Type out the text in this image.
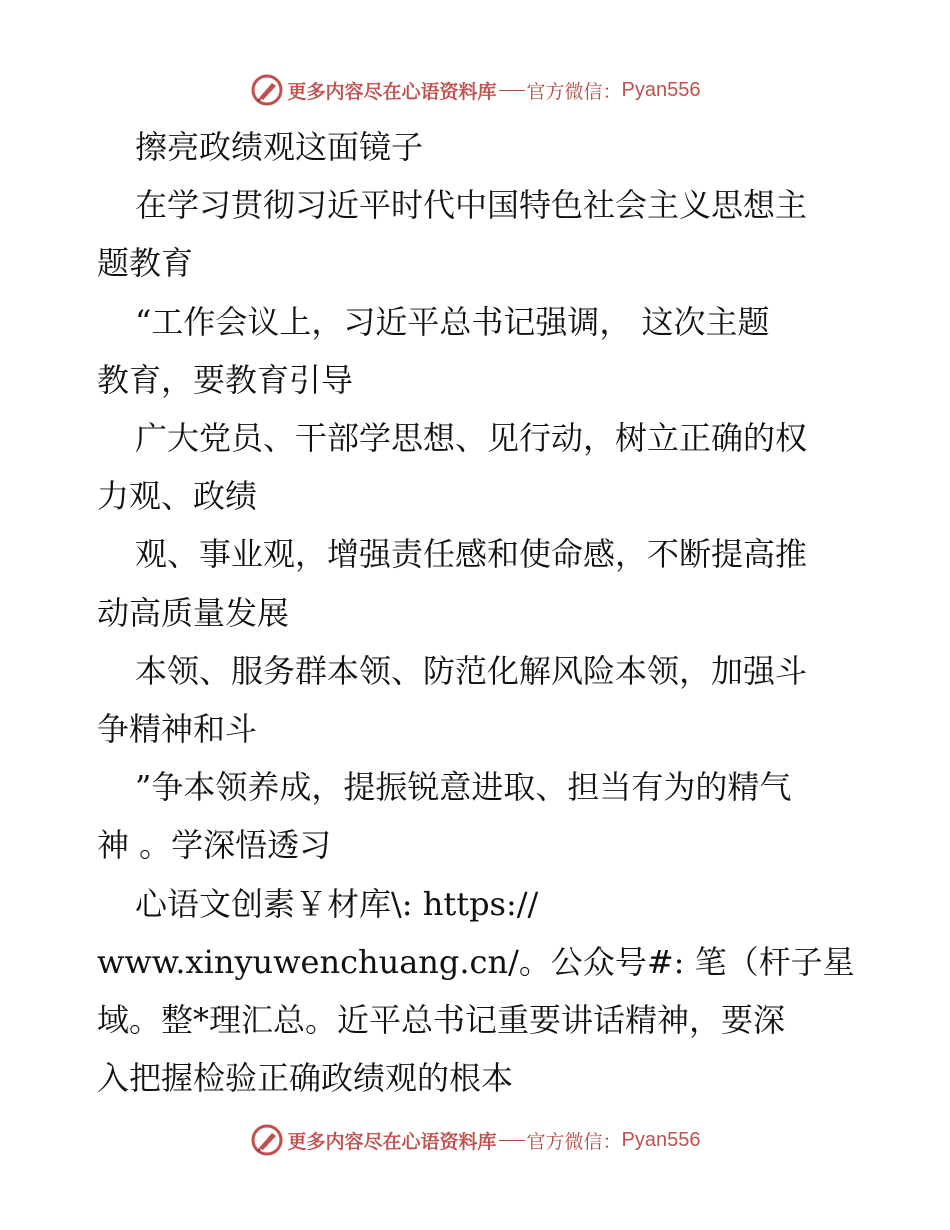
更多内容尽在心语资料库 官方微信： Pyan556

擦亮政绩观这面镜子

在学习贯彻习近平时代中国特色社会主义思想主
题教育

“工作会议上，习近平总书记强调， 这次主题
教育，要教育引导

广大党员、干部学思想、见行动，树立正确的权
力观、政绩

观、事业观，增强责任感和使命感，不断提高推
动高质量发展

本领、服务群本领、防范化解风险本领，加强斗
争精神和斗

”争本领养成，提振锐意进取、担当有为的精气
神 。学深悟透习

心语文创素￥材库\: https://
www.xinyuwenchuang.cn/。公众号#: 笔（杆子星
域。整*理汇总。近平总书记重要讲话精神，要深
入把握检验正确政绩观的根本

更多内容尽在心语资料库 官方微信： Pyan556
